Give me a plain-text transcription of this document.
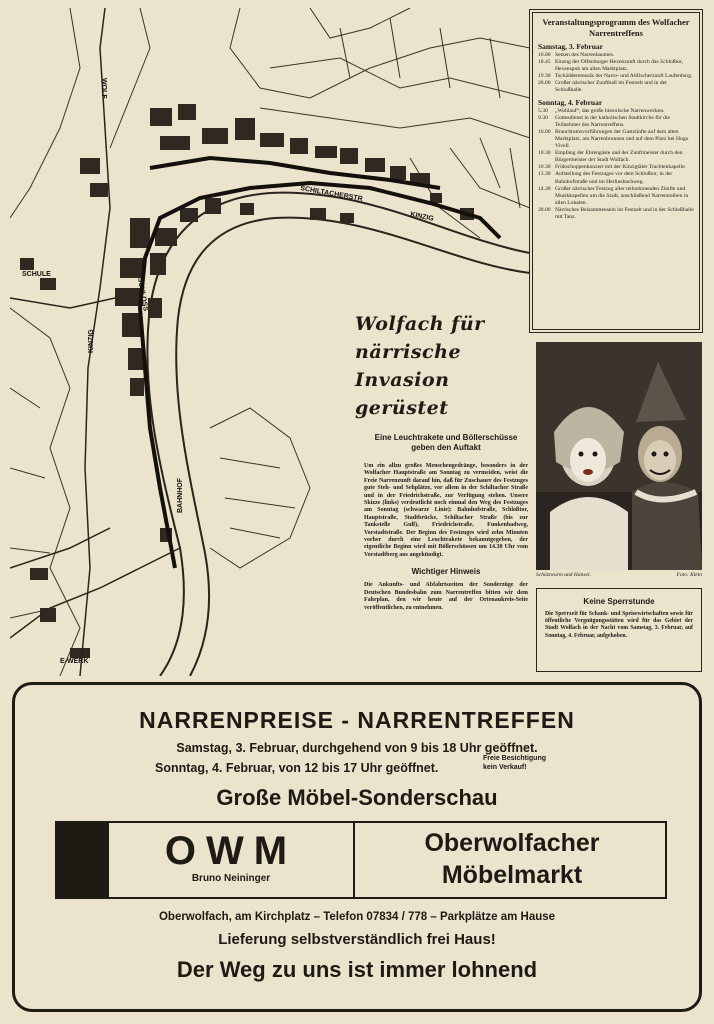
WOLF
SCHILTACHERSTR
KINZIG
SCHULE
KINZIG
SCHLOSS
BAHNHOF
E-WERK
Veranstaltungsprogramm des Wolfacher Narrentreffens
Samstag, 3. Februar
16.00 Setzen des Narrenbaumes.
18.45 Einzug der Offenburger Hexenzunft durch das Schloßtor, Hexenspuk am alten Marktplatz.
19.30 Tschädderemusik der Narro- und Altfischerzunft Laufenburg.
20.00 Großer närrischer Zunftball im Festzelt und in der Schloßhalle.
Sonntag, 4. Februar
5.30	„Wohlauf“, das große historische Narrenwecken.
9.30	Gottesdienst in der katholischen Stadtkirche für die Teilnehmer des Narrentreffens.
10.00 Brauchtumsvorführungen der Gastzünfte auf dem alten Marktplatz, am Narrenbrunnen und auf dem Platz bei Hugo Vivell.
10.30 Empfang der Ehrengäste und der Zunftmeister durch den Bürgermeister der Stadt Wolfach.
10.30 Frühschoppenkonzert mit der Kinzigtäler Trachtenkapelle.
13.30 Aufstellung des Festzuges vor dem Schloßtor, in der Bahnhofstraße und im Herlinsbachweg.
14.30 Großer närrischer Festzug aller teilnehmenden Zünfte und Musikkapellen um die Stadt, anschließend Narrentreiben in allen Lokalen.
20.00 Närrisches Beisammensein im Festzelt und in der Schloßhalle mit Tanz.
Wolfach für
närrische
Invasion gerüstet
Schützwurm und Hansel.	Foto: Klein
Eine Leuchtrakete und Böllerschüsse geben den Auftakt

Um ein allzu großes Menschengedränge, besonders in der Wolfacher Hauptstraße am Sonntag zu vermeiden, weist die Freie Narrenzunft darauf hin, daß für Zuschauer des Festzuges gute Steh- und Sehplätze, vor allem in der Schiltacher Straße und in der Friedrichstraße, zur Verfügung stehen. Unsere Skizze (links) verdeutlicht noch einmal den Weg des Festzuges am Sonntag (schwarze Linie): Bahnhofstraße, Schloßtor, Hauptstraße, Stadtbrücke, Schiltacher Straße (bis zur Tankstelle Gulf), Friedrichstraße, Funkenbadweg, Vorstadtstraße. Der Beginn des Festzuges wird zehn Minuten vorher durch eine Leuchtrakete bekanntgegeben, der eigentliche Beginn wird mit Böllerschüssen um 14.30 Uhr vom Vorstadtberg aus angekündigt.

Wichtiger Hinweis

Die Ankunfts- und Abfahrtszeiten der Sonderzüge der Deutschen Bundesbahn zum Narrentreffen bitten wir dem Fahrplan, den wir heute auf der Ortenaukreis-Seite veröffentlichen, zu entnehmen.

Keine Sperrstunde

Die Sperrzeit für Schank- und Speisewirtschaften sowie für öffentliche Vergnügungsstätten wird für das Gebiet der Stadt Wolfach in der Nacht vom Samstag, 3. Februar, auf Sonntag, 4. Februar, aufgehoben.

NARRENPREISE - NARRENTREFFEN
Samstag, 3. Februar, durchgehend von 9 bis 18 Uhr geöffnet.
Sonntag, 4. Februar, von 12 bis 17 Uhr geöffnet.
Freie Besichtigung
kein Verkauf!
Große Möbel-Sonderschau
OWM
Bruno Neininger
Oberwolfacher
Möbelmarkt
Oberwolfach, am Kirchplatz – Telefon 07834 / 778 – Parkplätze am Hause
Lieferung selbstverständlich frei Haus!
Der Weg zu uns ist immer lohnend
